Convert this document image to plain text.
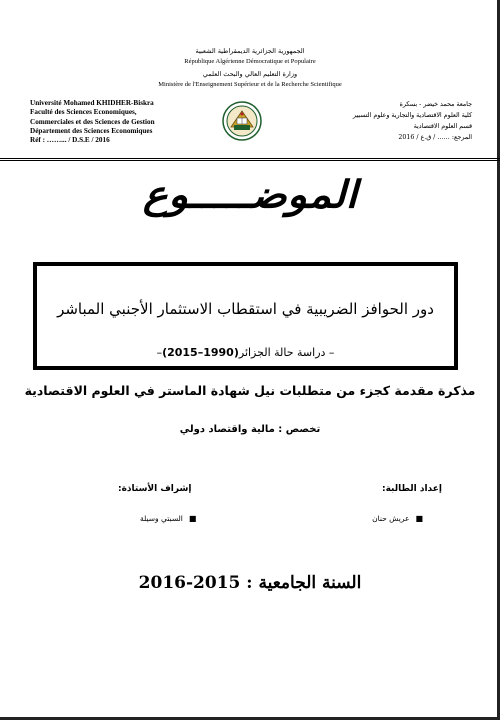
الجمهورية الجزائرية الديمقراطية الشعبية
République Algérienne Démocratique et Populaire
وزارة التعليم العالي والبحث العلمي
Ministère de l'Enseignement Supérieur et de la Recherche Scientifique
Université Mohamed KHIDHER-Biskra
Faculté des Sciences Economiques,
Commerciales et des Sciences de Gestion
Département des Sciences Economiques
Réf : ……... / D.S.E / 2016
جامعة محمد خيضر - بسكرة
كلية العلوم الاقتصادية والتجارية وعلوم التسيير
قسم العلوم الاقتصادية
المرجع: …… / ق.ع / 2016
الموضـــــوع
دور الحوافز الضريبية في استقطاب الاستثمار الأجنبي المباشر
– دراسة حالة الجزائر(1990–2015)–
مذكرة مقدمة كجزء من متطلبات نيل شهادة الماستر في العلوم الاقتصادية
تخصص : مالية واقتصاد دولي
إعداد الطالبة:
إشراف الأستاذة:
■عريش حنان
■السبتي وسيلة
السنة الجامعية : 2015-2016
